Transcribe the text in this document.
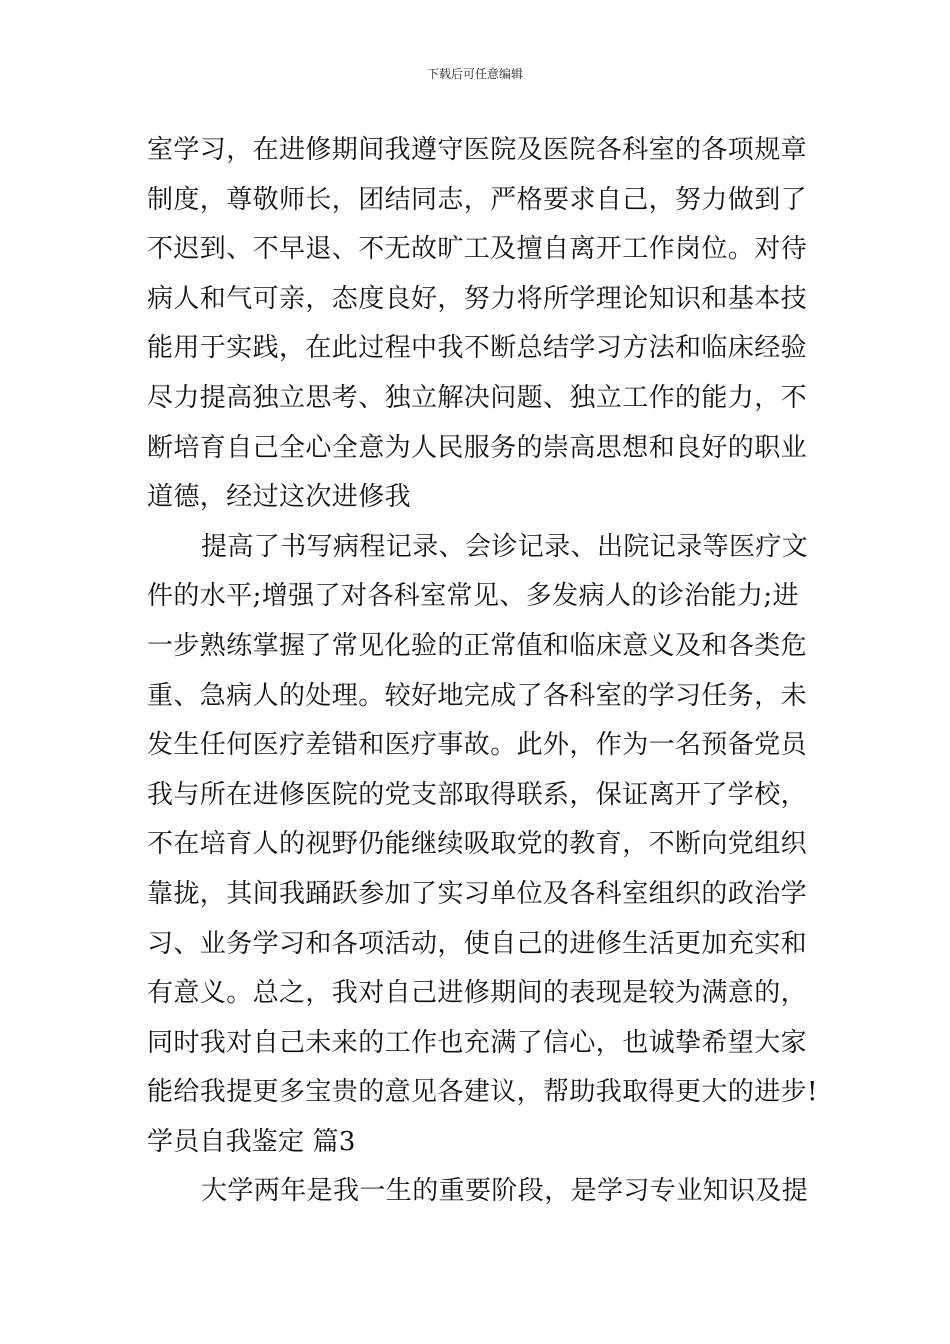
下载后可任意编辑
室学习，在进修期间我遵守医院及医院各科室的各项规章
制度，尊敬师长，团结同志，严格要求自己，努力做到了
不迟到、不早退、不无故旷工及擅自离开工作岗位。对待
病人和气可亲，态度良好，努力将所学理论知识和基本技
能用于实践，在此过程中我不断总结学习方法和临床经验
尽力提高独立思考、独立解决问题、独立工作的能力，不
断培育自己全心全意为人民服务的崇高思想和良好的职业
道德，经过这次进修我
提高了书写病程记录、会诊记录、出院记录等医疗文
件的水平;增强了对各科室常见、多发病人的诊治能力;进
一步熟练掌握了常见化验的正常值和临床意义及和各类危
重、急病人的处理。较好地完成了各科室的学习任务，未
发生任何医疗差错和医疗事故。此外，作为一名预备党员
我与所在进修医院的党支部取得联系，保证离开了学校，
不在培育人的视野仍能继续吸取党的教育，不断向党组织
靠拢，其间我踊跃参加了实习单位及各科室组织的政治学
习、业务学习和各项活动，使自己的进修生活更加充实和
有意义。总之，我对自己进修期间的表现是较为满意的，
同时我对自己未来的工作也充满了信心，也诚挚希望大家
能给我提更多宝贵的意见各建议，帮助我取得更大的进步!
学员自我鉴定 篇3
大学两年是我一生的重要阶段，是学习专业知识及提
